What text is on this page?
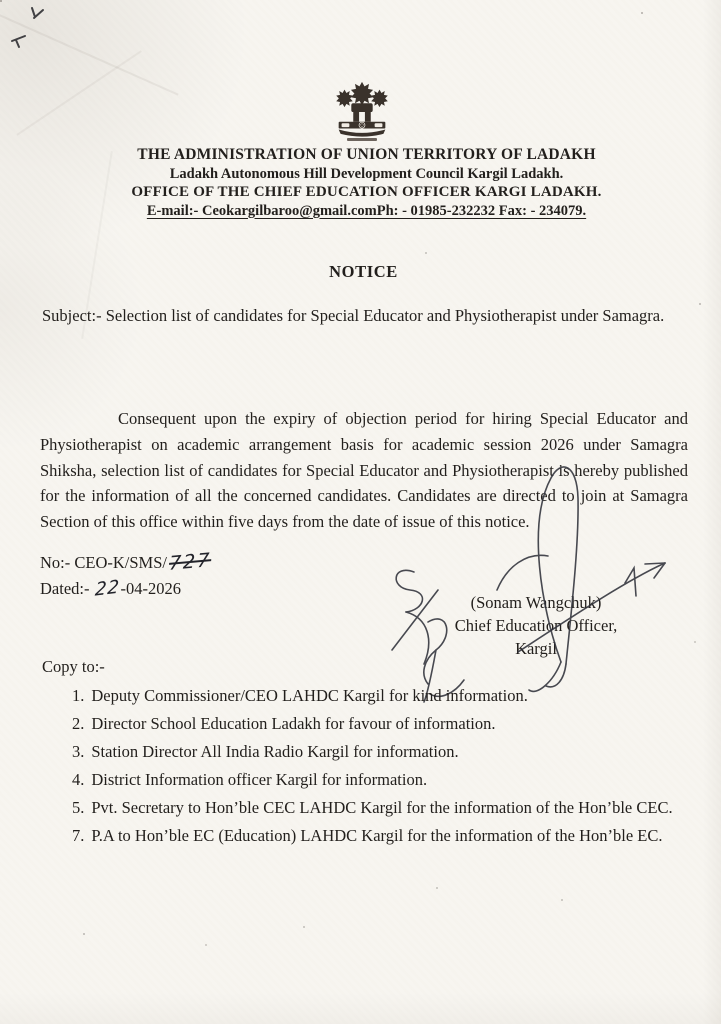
THE ADMINISTRATION OF UNION TERRITORY OF LADAKH
Ladakh Autonomous Hill Development Council Kargil Ladakh.
OFFICE OF THE CHIEF EDUCATION OFFICER KARGI LADAKH.
E-mail:- Ceokargilbaroo@gmail.comPh: - 01985-232232 Fax: - 234079.
NOTICE
Subject:- Selection list of candidates for Special Educator and Physiotherapist under Samagra.
Consequent upon the expiry of objection period for hiring Special Educator and Physiotherapist on academic arrangement basis for academic session 2026 under Samagra Shiksha, selection list of candidates for Special Educator and Physiotherapist is hereby published for the information of all the concerned candidates. Candidates are directed to join at Samagra Section of this office within five days from the date of issue of this notice.
No:- CEO-K/SMS/727
Dated:- 22-04-2026
(Sonam Wangchuk)
Chief Education Officer,
Kargil
Copy to:-
1. Deputy Commissioner/CEO LAHDC Kargil for kind information.
2. Director School Education Ladakh for favour of information.
3. Station Director All India Radio Kargil for information.
4. District Information officer Kargil for information.
5. Pvt. Secretary to Hon’ble CEC LAHDC Kargil for the information of the Hon’ble CEC.
7. P.A to Hon’ble EC (Education) LAHDC Kargil for the information of the Hon’ble EC.
